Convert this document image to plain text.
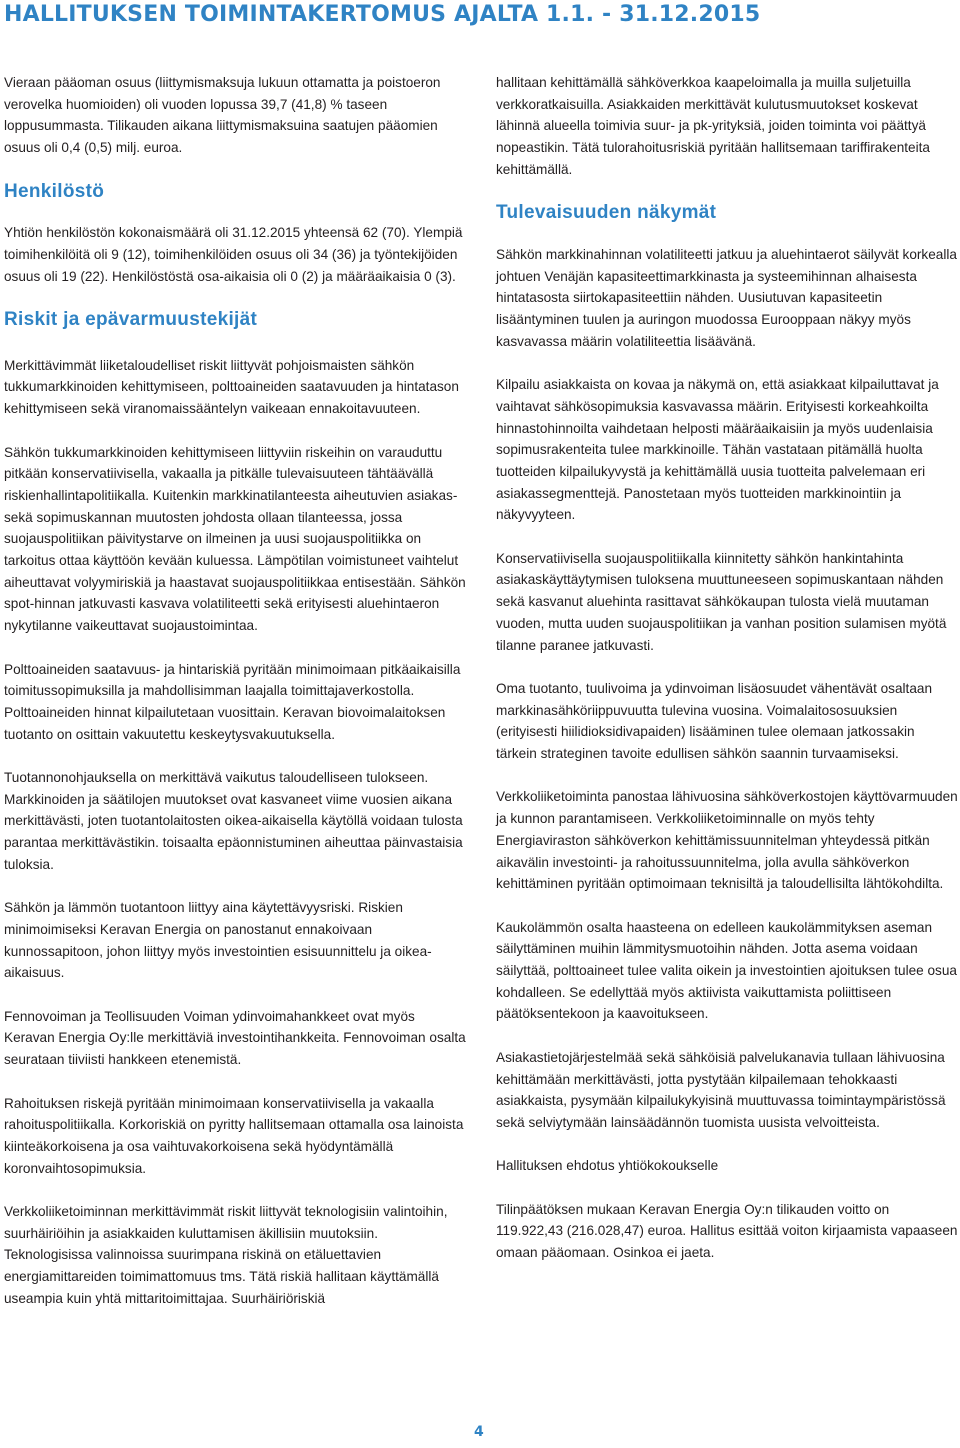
HALLITUKSEN TOIMINTAKERTOMUS AJALTA 1.1. - 31.12.2015

Vieraan pääoman osuus (liittymismaksuja lukuun ottamatta ja poistoeron verovelka huomioiden) oli vuoden lopussa 39,7 (41,8) % taseen loppusummasta. Tilikauden aikana liittymismaksuina saatujen pääomien osuus oli 0,4 (0,5) milj. euroa.

Henkilöstö

Yhtiön henkilöstön kokonaismäärä oli 31.12.2015 yhteensä 62 (70). Ylempiä toimihenkilöitä oli 9 (12), toimihenkilöiden osuus oli 34 (36) ja työntekijöiden osuus oli 19 (22). Henkilöstöstä osa-aikaisia oli 0 (2) ja määräaikaisia 0 (3).

Riskit ja epävarmuustekijät

Merkittävimmät liiketaloudelliset riskit liittyvät pohjoismaisten sähkön tukkumarkkinoiden kehittymiseen, polttoaineiden saatavuuden ja hintatason kehittymiseen sekä viranomaissääntelyn vaikeaan ennakoitavuuteen.

Sähkön tukkumarkkinoiden kehittymiseen liittyviin riskeihin on varauduttu pitkään konservatiivisella, vakaalla ja pitkälle tulevaisuuteen tähtäävällä riskienhallintapolitiikalla. Kuitenkin markkinatilanteesta aiheutuvien asiakas- sekä sopimuskannan muutosten johdosta ollaan tilanteessa, jossa suojauspolitiikan päivitystarve on ilmeinen ja uusi suojauspolitiikka on tarkoitus ottaa käyttöön kevään kuluessa. Lämpötilan voimistuneet vaihtelut aiheuttavat volyymiriskiä ja haastavat suojauspolitiikkaa entisestään. Sähkön spot-hinnan jatkuvasti kasvava volatiliteetti sekä erityisesti aluehintaeron nykytilanne vaikeuttavat suojaustoimintaa.

Polttoaineiden saatavuus- ja hintariskiä pyritään minimoimaan pitkäaikaisilla toimitussopimuksilla ja mahdollisimman laajalla toimittajaverkostolla. Polttoaineiden hinnat kilpailutetaan vuosittain. Keravan biovoimalaitoksen tuotanto on osittain vakuutettu keskeytysvakuutuksella.

Tuotannonohjauksella on merkittävä vaikutus taloudelliseen tulokseen. Markkinoiden ja säätilojen muutokset ovat kasvaneet viime vuosien aikana merkittävästi, joten tuotantolaitosten oikea-aikaisella käytöllä voidaan tulosta parantaa merkittävästikin. toisaalta epäonnistuminen aiheuttaa päinvastaisia tuloksia.

Sähkön ja lämmön tuotantoon liittyy aina käytettävyysriski. Riskien minimoimiseksi Keravan Energia on panostanut ennakoivaan kunnossapitoon, johon liittyy myös investointien esisuunnittelu ja oikea-aikaisuus.

Fennovoiman ja Teollisuuden Voiman ydinvoimahankkeet ovat myös Keravan Energia Oy:lle merkittäviä investointihankkeita. Fennovoiman osalta seurataan tiiviisti hankkeen etenemistä.

Rahoituksen riskejä pyritään minimoimaan konservatiivisella ja vakaalla rahoituspolitiikalla. Korkoriskiä on pyritty hallitsemaan ottamalla osa lainoista kiinteäkorkoisena ja osa vaihtuvakorkoisena sekä hyödyntämällä koronvaihtosopimuksia.

Verkkoliiketoiminnan merkittävimmät riskit liittyvät teknologisiin valintoihin, suurhäiriöihin ja asiakkaiden kuluttamisen äkillisiin muutoksiin. Teknologisissa valinnoissa suurimpana riskinä on etäluettavien energiamittareiden toimimattomuus tms. Tätä riskiä hallitaan käyttämällä useampia kuin yhtä mittaritoimittajaa. Suurhäiriöriskiä

hallitaan kehittämällä sähköverkkoa kaapeloimalla ja muilla suljetuilla verkkoratkaisuilla. Asiakkaiden merkittävät kulutusmuutokset koskevat lähinnä alueella toimivia suur- ja pk-yrityksiä, joiden toiminta voi päättyä nopeastikin. Tätä tulorahoitusriskiä pyritään hallitsemaan tariffirakenteita kehittämällä.

Tulevaisuuden näkymät

Sähkön markkinahinnan volatiliteetti jatkuu ja aluehintaerot säilyvät korkealla johtuen Venäjän kapasiteettimarkkinasta ja systeemihinnan alhaisesta hintatasosta siirtokapasiteettiin nähden. Uusiutuvan kapasiteetin lisääntyminen tuulen ja auringon muodossa Eurooppaan näkyy myös kasvavassa määrin volatiliteettia lisäävänä.

Kilpailu asiakkaista on kovaa ja näkymä on, että asiakkaat kilpailuttavat ja vaihtavat sähkösopimuksia kasvavassa määrin. Erityisesti korkeahkoilta hinnastohinnoilta vaihdetaan helposti määräaikaisiin ja myös uudenlaisia sopimusrakenteita tulee markkinoille. Tähän vastataan pitämällä huolta tuotteiden kilpailukyvystä ja kehittämällä uusia tuotteita palvelemaan eri asiakassegmenttejä. Panostetaan myös tuotteiden markkinointiin ja näkyvyyteen.

Konservatiivisella suojauspolitiikalla kiinnitetty sähkön hankintahinta asiakaskäyttäytymisen tuloksena muuttuneeseen sopimuskantaan nähden sekä kasvanut aluehinta rasittavat sähkökaupan tulosta vielä muutaman vuoden, mutta uuden suojauspolitiikan ja vanhan position sulamisen myötä tilanne paranee jatkuvasti.

Oma tuotanto, tuulivoima ja ydinvoiman lisäosuudet vähentävät osaltaan markkinasähköriippuvuutta tulevina vuosina. Voimalaitososuuksien (erityisesti hiilidioksidivapaiden) lisääminen tulee olemaan jatkossakin tärkein strateginen tavoite edullisen sähkön saannin turvaamiseksi.

Verkkoliiketoiminta panostaa lähivuosina sähköverkostojen käyttövarmuuden ja kunnon parantamiseen. Verkkoliiketoiminnalle on myös tehty Energiaviraston sähköverkon kehittämissuunnitelman yhteydessä pitkän aikavälin investointi- ja rahoitussuunnitelma, jolla avulla sähköverkon kehittäminen pyritään optimoimaan teknisiltä ja taloudellisilta lähtökohdilta.

Kaukolämmön osalta haasteena on edelleen kaukolämmityksen aseman säilyttäminen muihin lämmitysmuotoihin nähden. Jotta asema voidaan säilyttää, polttoaineet tulee valita oikein ja investointien ajoituksen tulee osua kohdalleen. Se edellyttää myös aktiivista vaikuttamista poliittiseen päätöksentekoon ja kaavoitukseen.

Asiakastietojärjestelmää sekä sähköisiä palvelukanavia tullaan lähivuosina kehittämään merkittävästi, jotta pystytään kilpailemaan tehokkaasti asiakkaista, pysymään kilpailukykyisinä muuttuvassa toimintaympäristössä sekä selviytymään lainsäädännön tuomista uusista velvoitteista.

Hallituksen ehdotus yhtiökokoukselle

Tilinpäätöksen mukaan Keravan Energia Oy:n tilikauden voitto on 119.922,43 (216.028,47) euroa. Hallitus esittää voiton kirjaamista vapaaseen omaan pääomaan. Osinkoa ei jaeta.

4
